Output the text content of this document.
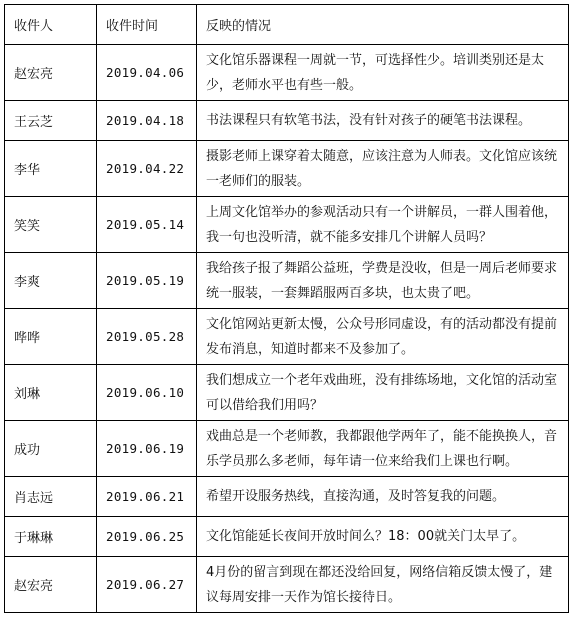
收件人	收件时间	反映的情况
赵宏亮	2019.04.06	文化馆乐器课程一周就一节，可选择性少。培训类别还是太少，老师水平也有些一般。
王云芝	2019.04.18	书法课程只有软笔书法，没有针对孩子的硬笔书法课程。
李华	2019.04.22	摄影老师上课穿着太随意，应该注意为人师表。文化馆应该统一老师们的服装。
笑笑	2019.05.14	上周文化馆举办的参观活动只有一个讲解员，一群人围着他，我一句也没听清，就不能多安排几个讲解人员吗？
李爽	2019.05.19	我给孩子报了舞蹈公益班，学费是没收，但是一周后老师要求统一服装，一套舞蹈服两百多块，也太贵了吧。
哗哗	2019.05.28	文化馆网站更新太慢，公众号形同虚设，有的活动都没有提前发布消息，知道时都来不及参加了。
刘琳	2019.06.10	我们想成立一个老年戏曲班，没有排练场地，文化馆的活动室可以借给我们用吗？
成功	2019.06.19	戏曲总是一个老师教，我都跟他学两年了，能不能换换人，音乐学员那么多老师，每年请一位来给我们上课也行啊。
肖志远	2019.06.21	希望开设服务热线，直接沟通，及时答复我的问题。
于琳琳	2019.06.25	文化馆能延长夜间开放时间么？18：00就关门太早了。
赵宏亮	2019.06.27	4月份的留言到现在都还没给回复，网络信箱反馈太慢了，建议每周安排一天作为馆长接待日。
